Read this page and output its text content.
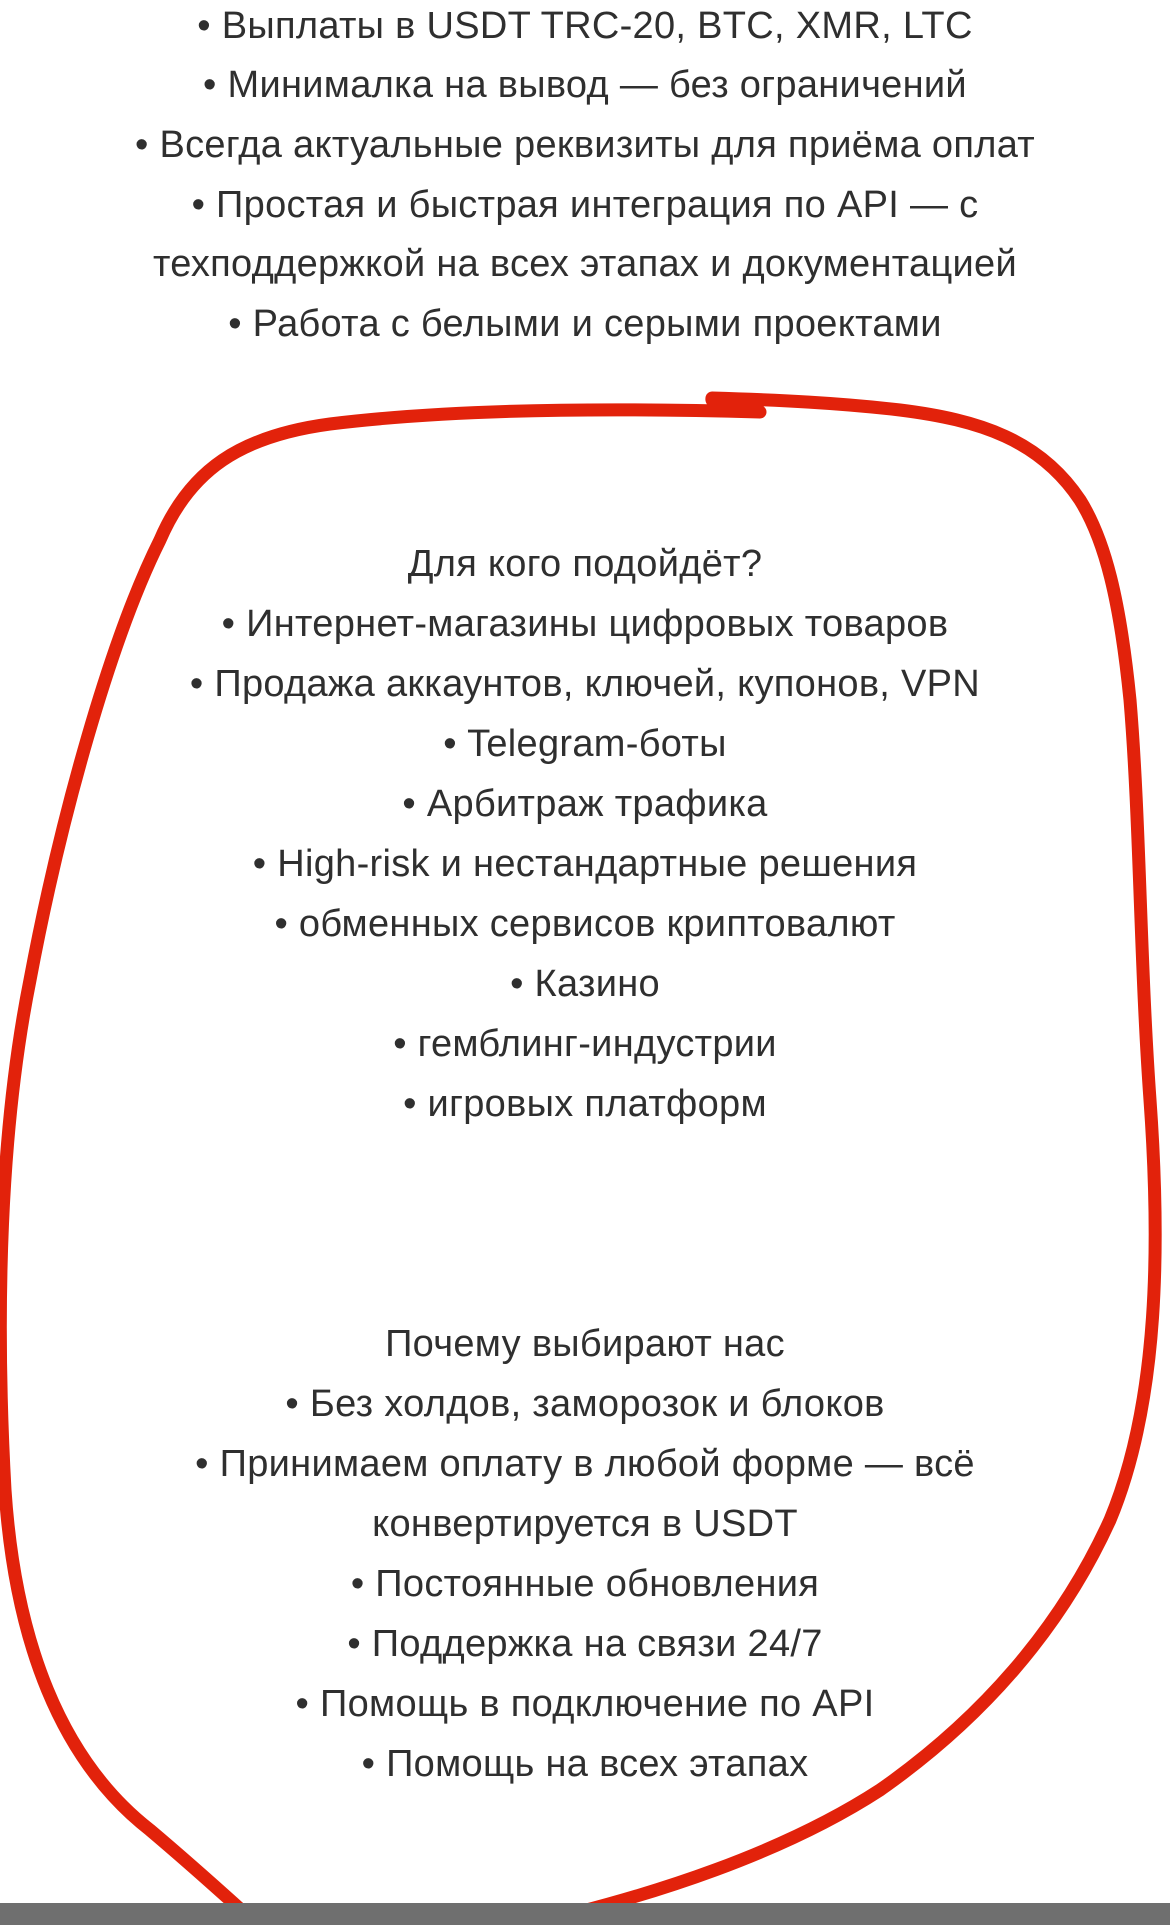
• Выплаты в USDT TRC-20, BTC, XMR, LTC
• Минималка на вывод — без ограничений
• Всегда актуальные реквизиты для приёма оплат
• Простая и быстрая интеграция по API — с
техподдержкой на всех этапах и документацией
• Работа с белыми и серыми проектами
Для кого подойдёт?
• Интернет-магазины цифровых товаров
• Продажа аккаунтов, ключей, купонов, VPN
• Telegram-боты
• Арбитраж трафика
• High-risk и нестандартные решения
• обменных сервисов криптовалют
• Казино
• гемблинг-индустрии
• игровых платформ
Почему выбирают нас
• Без холдов, заморозок и блоков
• Принимаем оплату в любой форме — всё
конвертируется в USDT
• Постоянные обновления
• Поддержка на связи 24/7
• Помощь в подключение по API
• Помощь на всех этапах
